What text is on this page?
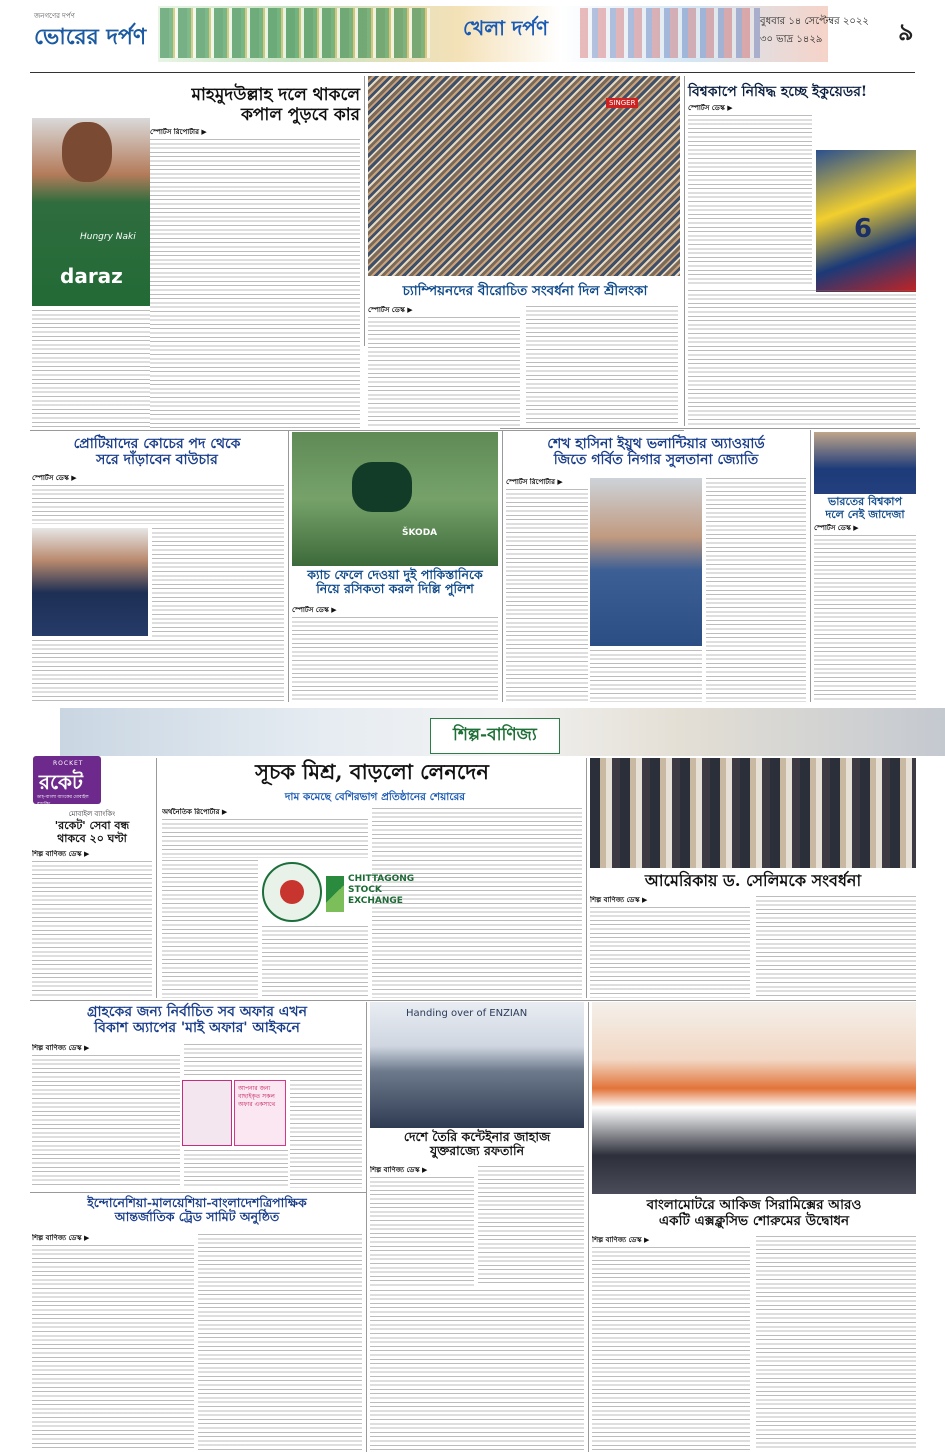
জনগণের দর্পণ
ভোরের দর্পণ	খেলা দর্পণ	বুধবার ১৪ সেপ্টেম্বর ২০২২
৩০ ভাদ্র ১৪২৯	৯
Hungry Naki
daraz
মাহমুদউল্লাহ দলে থাকলে
কপাল পুড়বে কার
স্পোর্টস রিপোর্টার ▶
SINGER
চ্যাম্পিয়নদের বীরোচিত সংবর্ধনা দিল শ্রীলংকা
স্পোর্টস ডেস্ক ▶
বিশ্বকাপে নিষিদ্ধ হচ্ছে ইকুয়েডর!
স্পোর্টস ডেস্ক ▶
6
প্রোটিয়াদের কোচের পদ থেকে
সরে দাঁড়াবেন বাউচার
স্পোর্টস ডেস্ক ▶
ŠKODA
ক্যাচ ফেলে দেওয়া দুই পাকিস্তানিকে
নিয়ে রসিকতা করল দিল্লি পুলিশ
স্পোর্টস ডেস্ক ▶
শেখ হাসিনা ইয়ুথ ভলান্টিয়ার অ্যাওয়ার্ড
জিতে গর্বিত নিগার সুলতানা জ্যোতি
স্পোর্টস রিপোর্টার ▶
ভারতের বিশ্বকাপ
দলে নেই জাদেজা
স্পোর্টস ডেস্ক ▶
শিল্প-বাণিজ্য
ROCKET
রকেট
ডাচ্-বাংলা ব্যাংকের মোবাইল ব্যাংকিং
মোবাইল ব্যাংকিং
'রকেট' সেবা বন্ধ
থাকবে ২০ ঘণ্টা
শিল্প বাণিজ্য ডেস্ক ▶
সূচক মিশ্র, বাড়লো লেনদেন
দাম কমেছে বেশিরভাগ প্রতিষ্ঠানের শেয়ারের
অর্থনৈতিক রিপোর্টার ▶
CHITTAGONG
STOCK
EXCHANGE
আমেরিকায় ড. সেলিমকে সংবর্ধনা
শিল্প বাণিজ্য ডেস্ক ▶
গ্রাহকের জন্য নির্বাচিত সব অফার এখন
বিকাশ অ্যাপের 'মাই অফার' আইকনে
শিল্প বাণিজ্য ডেস্ক ▶
আপনার জন্য বাছাইকৃত সকল অফার একসাথে
Handing over of ENZIAN
দেশে তৈরি কন্টেইনার জাহাজ
যুক্তরাজ্যে রফতানি
শিল্প বাণিজ্য ডেস্ক ▶
বাংলামোটরে আকিজ সিরামিক্সের আরও
একটি এক্সক্লুসিভ শোরুমের উদ্বোধন
শিল্প বাণিজ্য ডেস্ক ▶
ইন্দোনেশিয়া-মালয়েশিয়া-বাংলাদেশত্রিপাক্ষিক
আন্তর্জাতিক ট্রেড সামিট অনুষ্ঠিত
শিল্প বাণিজ্য ডেস্ক ▶
